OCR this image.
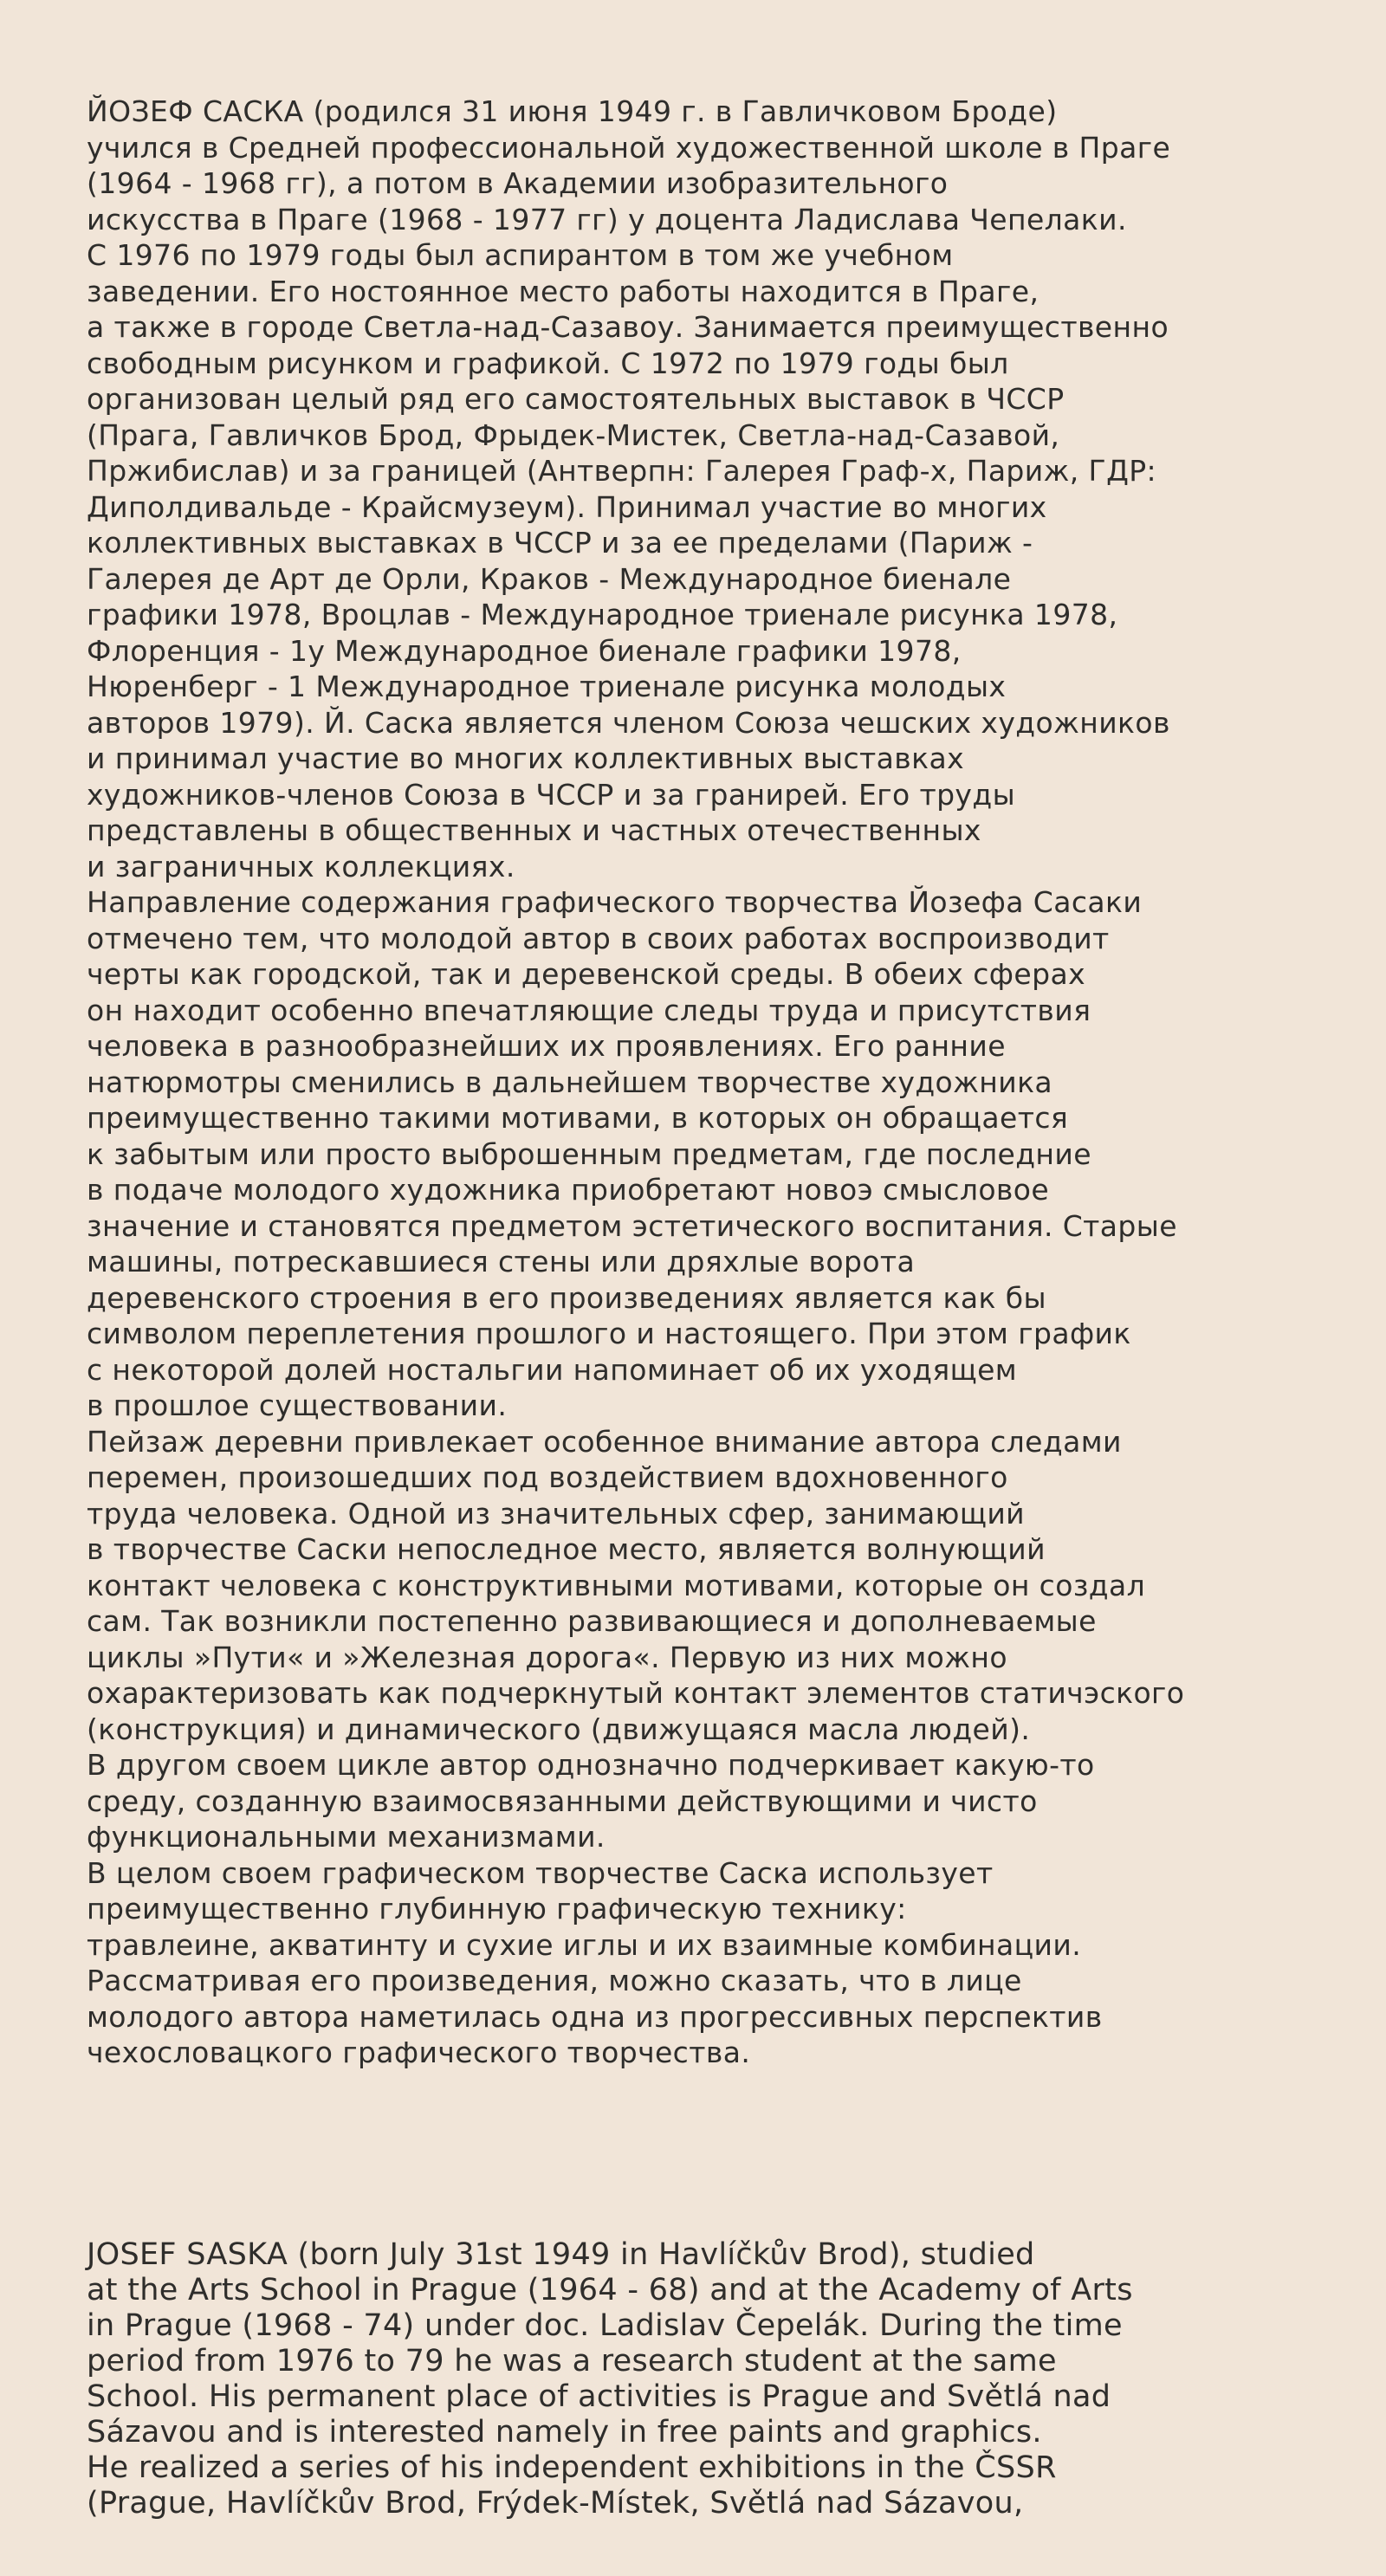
ЙОЗЕФ САСКА (родился 31 июня 1949 г. в Гавличковом Броде)
учился в Средней профессиональной художественной школе в Праге
(1964 - 1968 гг), а потом в Академии изобразительного
искусства в Праге (1968 - 1977 гг) у доцента Ладислава Чепелаки.
С 1976 по 1979 годы был аспирантом в том же учебном
заведении. Его ностоянное место работы находится в Праге,
а также в городе Светла-над-Сазавоу. Занимается преимущественно
свободным рисунком и графикой. С 1972 по 1979 годы был
организован целый ряд его самостоятельных выставок в ЧССР
(Прага, Гавличков Брод, Фрыдек-Мистек, Светла-над-Сазавой,
Пржибислав) и за границей (Антверпн: Галерея Граф-х, Париж, ГДР:
Диполдивальде - Крайсмузеум). Принимал участие во многих
коллективных выставках в ЧССР и за ее пределами (Париж -
Галерея де Арт де Орли, Краков - Международное биенале
графики 1978, Вроцлав - Международное триенале рисунка 1978,
Флоренция - 1у Международное биенале графики 1978,
Нюренберг - 1 Международное триенале рисунка молодых
авторов 1979). Й. Саска является членом Союза чешских художников
и принимал участие во многих коллективных выставках
художников-членов Союза в ЧССР и за гранирей. Его труды
представлены в общественных и частных отечественных
и заграничных коллекциях.
Направление содержания графического творчества Йозефа Сасаки
отмечено тем, что молодой автор в своих работах воспроизводит
черты как городской, так и деревенской среды. В обеих сферах
он находит особенно впечатляющие следы труда и присутствия
человека в разнообразнейших их проявлениях. Его ранние
натюрмотры сменились в дальнейшем творчестве художника
преимущественно такими мотивами, в которых он обращается
к забытым или просто выброшенным предметам, где последние
в подаче молодого художника приобретают новоэ смысловое
значение и становятся предметом эстетического воспитания. Старые
машины, потрескавшиеся стены или дряхлые ворота
деревенского строения в его произведениях является как бы
символом переплетения прошлого и настоящего. При этом график
с некоторой долей ностальгии напоминает об их уходящем
в прошлое существовании.
Пейзаж деревни привлекает особенное внимание автора следами
перемен, произошедших под воздействием вдохновенного
труда человека. Одной из значительных сфер, занимающий
в творчестве Саски непоследное место, является волнующий
контакт человека с конструктивными мотивами, которые он создал
сам. Так возникли постепенно развивающиеся и дополневаемые
циклы »Пути« и »Железная дорога«. Первую из них можно
охарактеризовать как подчеркнутый контакт элементов статичэского
(конструкция) и динамического (движущаяся масла людей).
В другом своем цикле автор однозначно подчеркивает какую-то
среду, созданную взаимосвязанными действующими и чисто
функциональными механизмами.
В целом своем графическом творчестве Саска использует
преимущественно глубинную графическую технику:
травлеине, акватинту и сухие иглы и их взаимные комбинации.
Рассматривая его произведения, можно сказать, что в лице
молодого автора наметилась одна из прогрессивных перспектив
чехословацкого графического творчества.
JOSEF SASKA (born July 31st 1949 in Havlíčkův Brod), studied
at the Arts School in Prague (1964 - 68) and at the Academy of Arts
in Prague (1968 - 74) under doc. Ladislav Čepelák. During the time
period from 1976 to 79 he was a research student at the same
School. His permanent place of activities is Prague and Světlá nad
Sázavou and is interested namely in free paints and graphics.
He realized a series of his independent exhibitions in the ČSSR
(Prague, Havlíčkův Brod, Frýdek-Místek, Světlá nad Sázavou,
